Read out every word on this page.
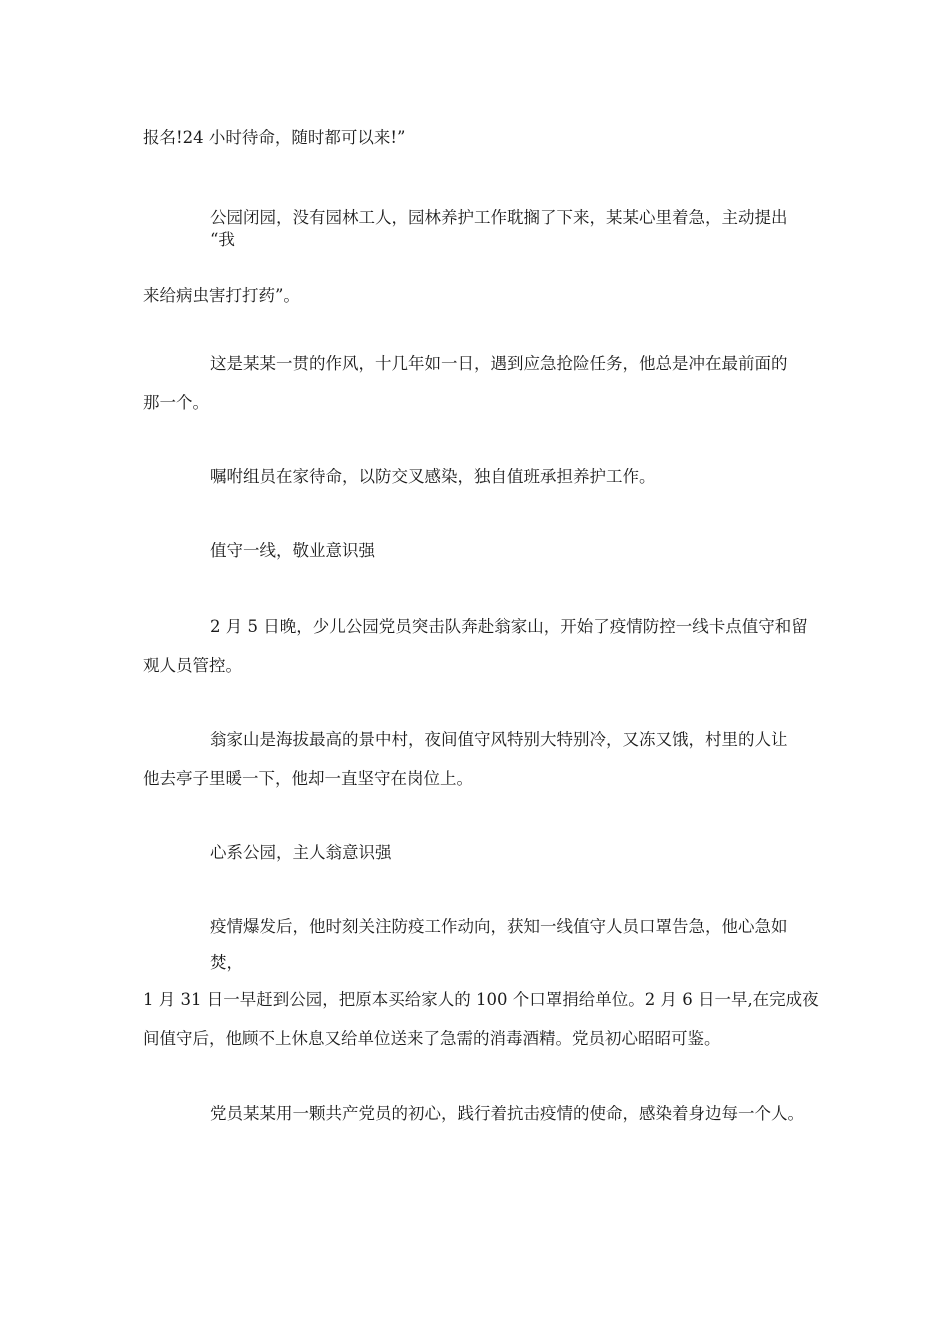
报名!24 小时待命，随时都可以来!”
公园闭园，没有园林工人，园林养护工作耽搁了下来，某某心里着急，主动提出
“我
来给病虫害打打药”。
这是某某一贯的作风，十几年如一日，遇到应急抢险任务，他总是冲在最前面的
那一个。
嘱咐组员在家待命，以防交叉感染，独自值班承担养护工作。
值守一线，敬业意识强
2 月 5 日晚，少儿公园党员突击队奔赴翁家山，开始了疫情防控一线卡点值守和留
观人员管控。
翁家山是海拔最高的景中村，夜间值守风特别大特别冷，又冻又饿，村里的人让
他去亭子里暖一下，他却一直坚守在岗位上。
心系公园，主人翁意识强
疫情爆发后，他时刻关注防疫工作动向，获知一线值守人员口罩告急，他心急如
焚，
1 月 31 日一早赶到公园，把原本买给家人的 100 个口罩捐给单位。2 月 6 日一早,在完成夜
间值守后，他顾不上休息又给单位送来了急需的消毒酒精。党员初心昭昭可鉴。
党员某某用一颗共产党员的初心，践行着抗击疫情的使命，感染着身边每一个人。
